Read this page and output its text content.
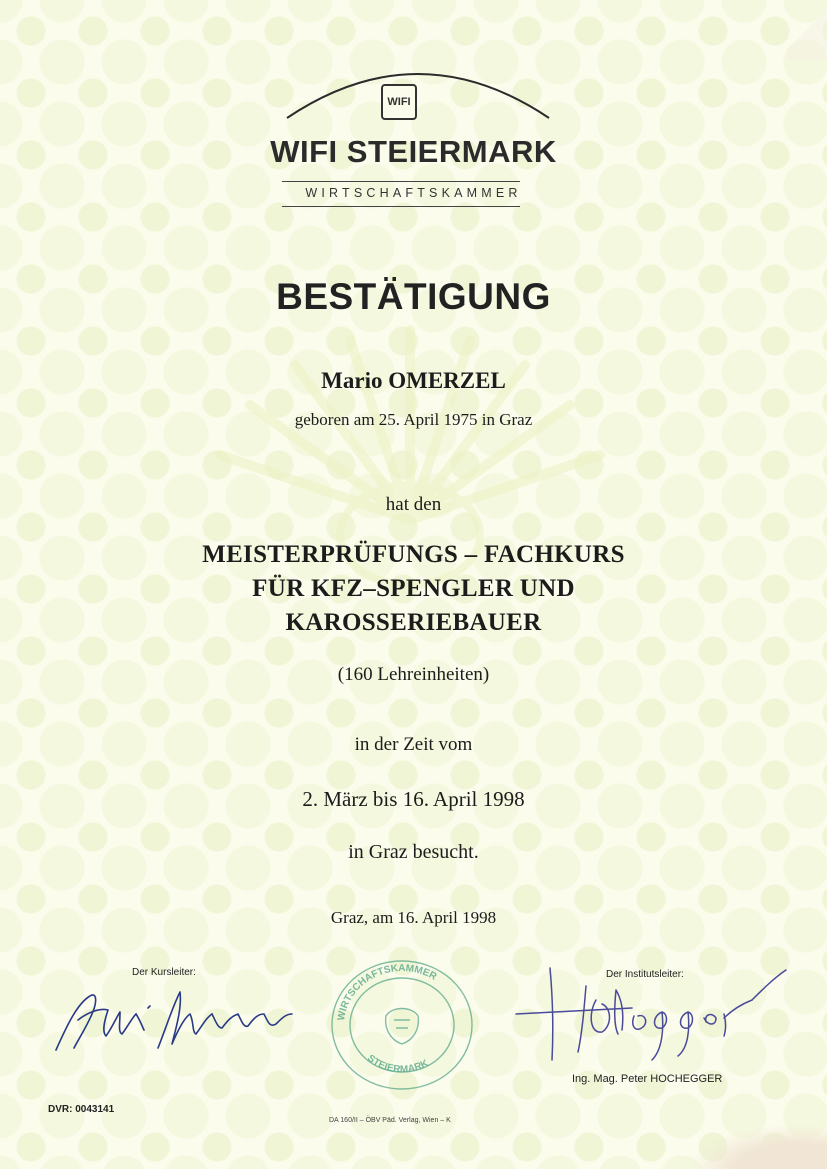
WIFI
WIFI STEIERMARK
WIRTSCHAFTSKAMMER
BESTÄTIGUNG
Mario OMERZEL
geboren am 25. April 1975 in Graz
hat den
MEISTERPRÜFUNGS – FACHKURS
FÜR KFZ–SPENGLER UND
KAROSSERIEBAUER
(160 Lehreinheiten)
in der Zeit vom
2. März bis 16. April 1998
in Graz besucht.
Graz, am 16. April 1998
Der Kursleiter:	Der Institutsleiter:
WIRTSCHAFTSKAMMER
STEIERMARK
Ing. Mag. Peter HOCHEGGER
DVR: 0043141
DA 160/II – ÖBV Päd. Verlag, Wien – K
